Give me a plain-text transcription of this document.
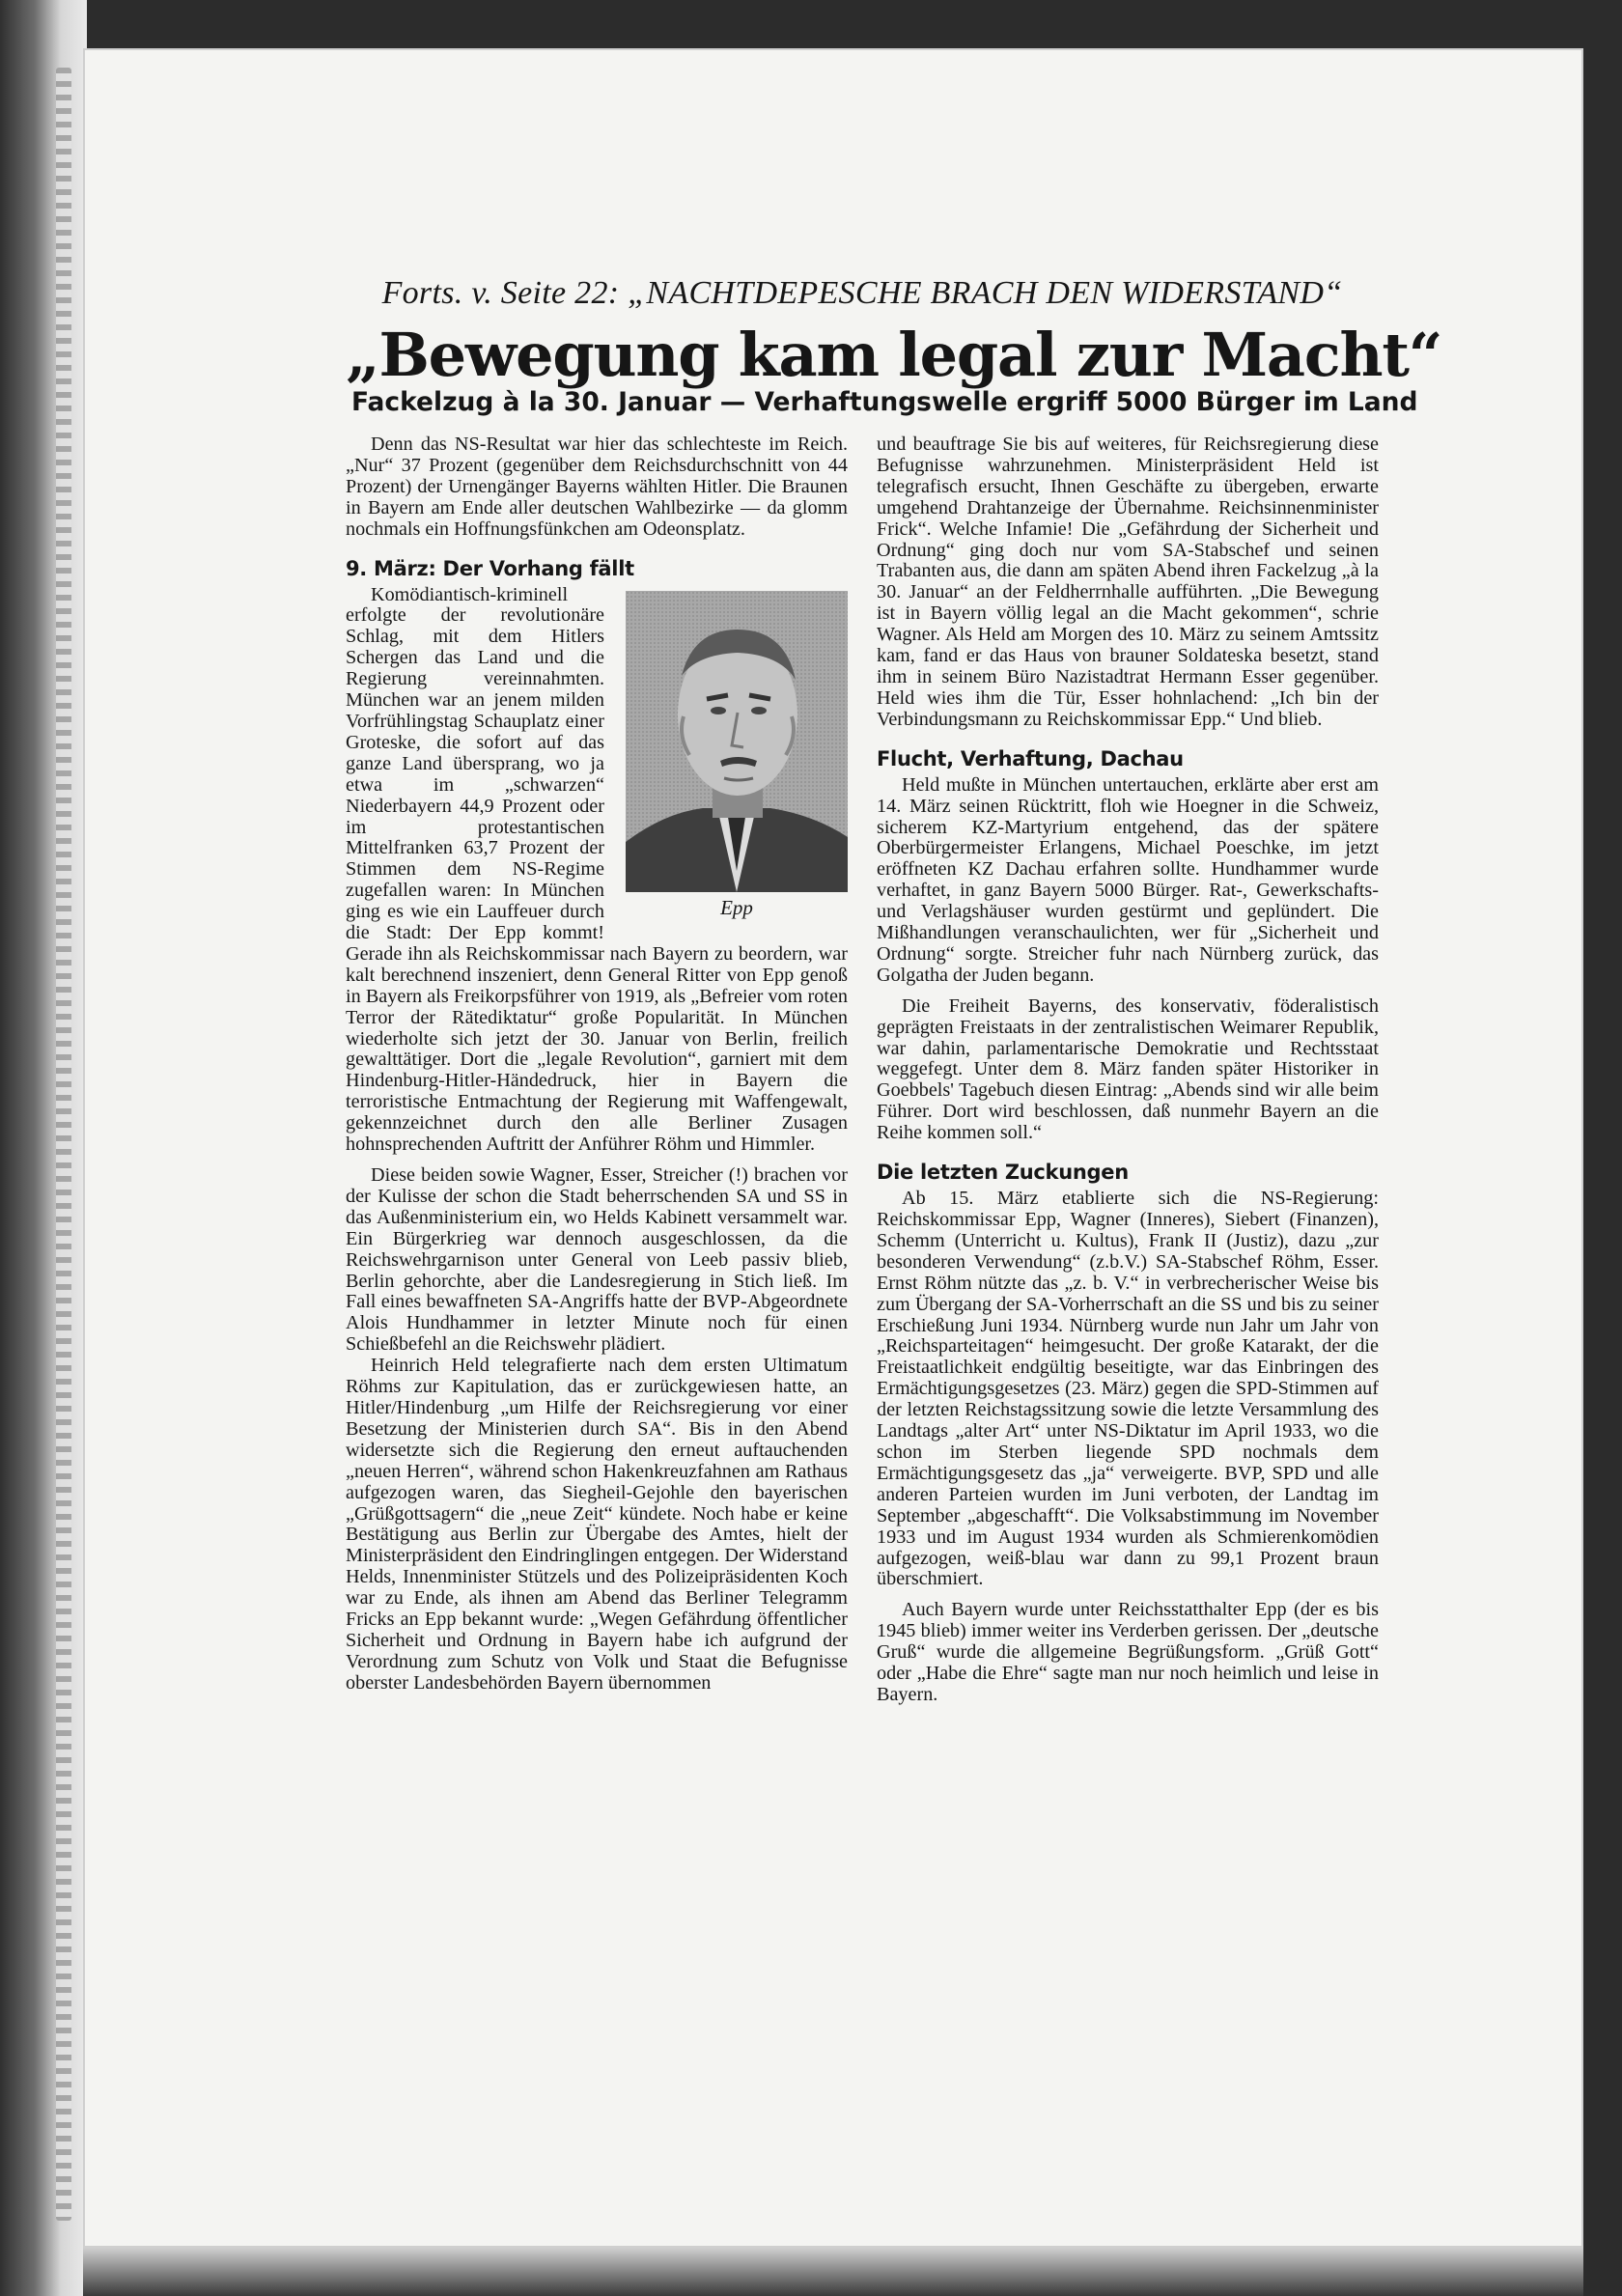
Forts. v. Seite 22: „NACHTDEPESCHE BRACH DEN WIDERSTAND“
„Bewegung kam legal zur Macht“
Fackelzug à la 30. Januar — Verhaftungswelle ergriff 5000 Bürger im Land

Denn das NS-Resultat war hier das schlechteste im Reich. „Nur“ 37 Prozent (gegenüber dem Reichsdurchschnitt von 44 Prozent) der Urnengänger Bayerns wählten Hitler. Die Braunen in Bayern am Ende aller deutschen Wahlbezirke — da glomm nochmals ein Hoffnungsfünkchen am Odeonsplatz.

9. März: Der Vorhang fällt
Epp

Komödiantisch-kriminell erfolgte der revolutionäre Schlag, mit dem Hitlers Schergen das Land und die Regierung vereinnahmten. München war an jenem milden Vorfrühlingstag Schauplatz einer Groteske, die sofort auf das ganze Land übersprang, wo ja etwa im „schwarzen“ Niederbayern 44,9 Prozent oder im protestantischen Mittelfranken 63,7 Prozent der Stimmen dem NS-Regime zugefallen waren: In München ging es wie ein Lauffeuer durch die Stadt: Der Epp kommt! Gerade ihn als Reichskommissar nach Bayern zu beordern, war kalt berechnend inszeniert, denn General Ritter von Epp genoß in Bayern als Freikorpsführer von 1919, als „Befreier vom roten Terror der Rätediktatur“ große Popularität. In München wiederholte sich jetzt der 30. Januar von Berlin, freilich gewalttätiger. Dort die „legale Revolution“, garniert mit dem Hindenburg-Hitler-Händedruck, hier in Bayern die terroristische Entmachtung der Regierung mit Waffengewalt, gekennzeichnet durch den alle Berliner Zusagen hohnsprechenden Auftritt der Anführer Röhm und Himmler.

Diese beiden sowie Wagner, Esser, Streicher (!) brachen vor der Kulisse der schon die Stadt beherrschenden SA und SS in das Außenministerium ein, wo Helds Kabinett versammelt war. Ein Bürgerkrieg war dennoch ausgeschlossen, da die Reichswehrgarnison unter General von Leeb passiv blieb, Berlin gehorchte, aber die Landesregierung in Stich ließ. Im Fall eines bewaffneten SA-Angriffs hatte der BVP-Abgeordnete Alois Hundhammer in letzter Minute noch für einen Schießbefehl an die Reichswehr plädiert.

Heinrich Held telegrafierte nach dem ersten Ultimatum Röhms zur Kapitulation, das er zurückgewiesen hatte, an Hitler/Hindenburg „um Hilfe der Reichsregierung vor einer Besetzung der Ministerien durch SA“. Bis in den Abend widersetzte sich die Regierung den erneut auftauchenden „neuen Herren“, während schon Hakenkreuzfahnen am Rathaus aufgezogen waren, das Siegheil-Gejohle den bayerischen „Grüßgottsagern“ die „neue Zeit“ kündete. Noch habe er keine Bestätigung aus Berlin zur Übergabe des Amtes, hielt der Ministerpräsident den Eindringlingen entgegen. Der Widerstand Helds, Innenminister Stützels und des Polizeipräsidenten Koch war zu Ende, als ihnen am Abend das Berliner Telegramm Fricks an Epp bekannt wurde: „Wegen Gefährdung öffentlicher Sicherheit und Ordnung in Bayern habe ich aufgrund der Verordnung zum Schutz von Volk und Staat die Befugnisse oberster Landesbehörden Bayern übernommen

und beauftrage Sie bis auf weiteres, für Reichsregierung diese Befugnisse wahrzunehmen. Ministerpräsident Held ist telegrafisch ersucht, Ihnen Geschäfte zu übergeben, erwarte umgehend Drahtanzeige der Übernahme. Reichsinnenminister Frick“. Welche Infamie! Die „Gefährdung der Sicherheit und Ordnung“ ging doch nur vom SA-Stabschef und seinen Trabanten aus, die dann am späten Abend ihren Fackelzug „à la 30. Januar“ an der Feldherrnhalle aufführten. „Die Bewegung ist in Bayern völlig legal an die Macht gekommen“, schrie Wagner. Als Held am Morgen des 10. März zu seinem Amtssitz kam, fand er das Haus von brauner Soldateska besetzt, stand ihm in seinem Büro Nazistadtrat Hermann Esser gegenüber. Held wies ihm die Tür, Esser hohnlachend: „Ich bin der Verbindungsmann zu Reichskommissar Epp.“ Und blieb.

Flucht, Verhaftung, Dachau

Held mußte in München untertauchen, erklärte aber erst am 14. März seinen Rücktritt, floh wie Hoegner in die Schweiz, sicherem KZ-Martyrium entgehend, das der spätere Oberbürgermeister Erlangens, Michael Poeschke, im jetzt eröffneten KZ Dachau erfahren sollte. Hundhammer wurde verhaftet, in ganz Bayern 5000 Bürger. Rat-, Gewerkschafts- und Verlagshäuser wurden gestürmt und geplündert. Die Mißhandlungen veranschaulichten, wer für „Sicherheit und Ordnung“ sorgte. Streicher fuhr nach Nürnberg zurück, das Golgatha der Juden begann.

Die Freiheit Bayerns, des konservativ, föderalistisch geprägten Freistaats in der zentralistischen Weimarer Republik, war dahin, parlamentarische Demokratie und Rechtsstaat weggefegt. Unter dem 8. März fanden später Historiker in Goebbels' Tagebuch diesen Eintrag: „Abends sind wir alle beim Führer. Dort wird beschlossen, daß nunmehr Bayern an die Reihe kommen soll.“

Die letzten Zuckungen

Ab 15. März etablierte sich die NS-Regierung: Reichskommissar Epp, Wagner (Inneres), Siebert (Finanzen), Schemm (Unterricht u. Kultus), Frank II (Justiz), dazu „zur besonderen Verwendung“ (z.b.V.) SA-Stabschef Röhm, Esser. Ernst Röhm nützte das „z. b. V.“ in verbrecherischer Weise bis zum Übergang der SA-Vorherrschaft an die SS und bis zu seiner Erschießung Juni 1934. Nürnberg wurde nun Jahr um Jahr von „Reichsparteitagen“ heimgesucht. Der große Katarakt, der die Freistaatlichkeit endgültig beseitigte, war das Einbringen des Ermächtigungsgesetzes (23. März) gegen die SPD-Stimmen auf der letzten Reichstagssitzung sowie die letzte Versammlung des Landtags „alter Art“ unter NS-Diktatur im April 1933, wo die schon im Sterben liegende SPD nochmals dem Ermächtigungsgesetz das „ja“ verweigerte. BVP, SPD und alle anderen Parteien wurden im Juni verboten, der Landtag im September „abgeschafft“. Die Volksabstimmung im November 1933 und im August 1934 wurden als Schmierenkomödien aufgezogen, weiß-blau war dann zu 99,1 Prozent braun überschmiert.

Auch Bayern wurde unter Reichsstatthalter Epp (der es bis 1945 blieb) immer weiter ins Verderben gerissen. Der „deutsche Gruß“ wurde die allgemeine Begrüßungsform. „Grüß Gott“ oder „Habe die Ehre“ sagte man nur noch heimlich und leise in Bayern.
